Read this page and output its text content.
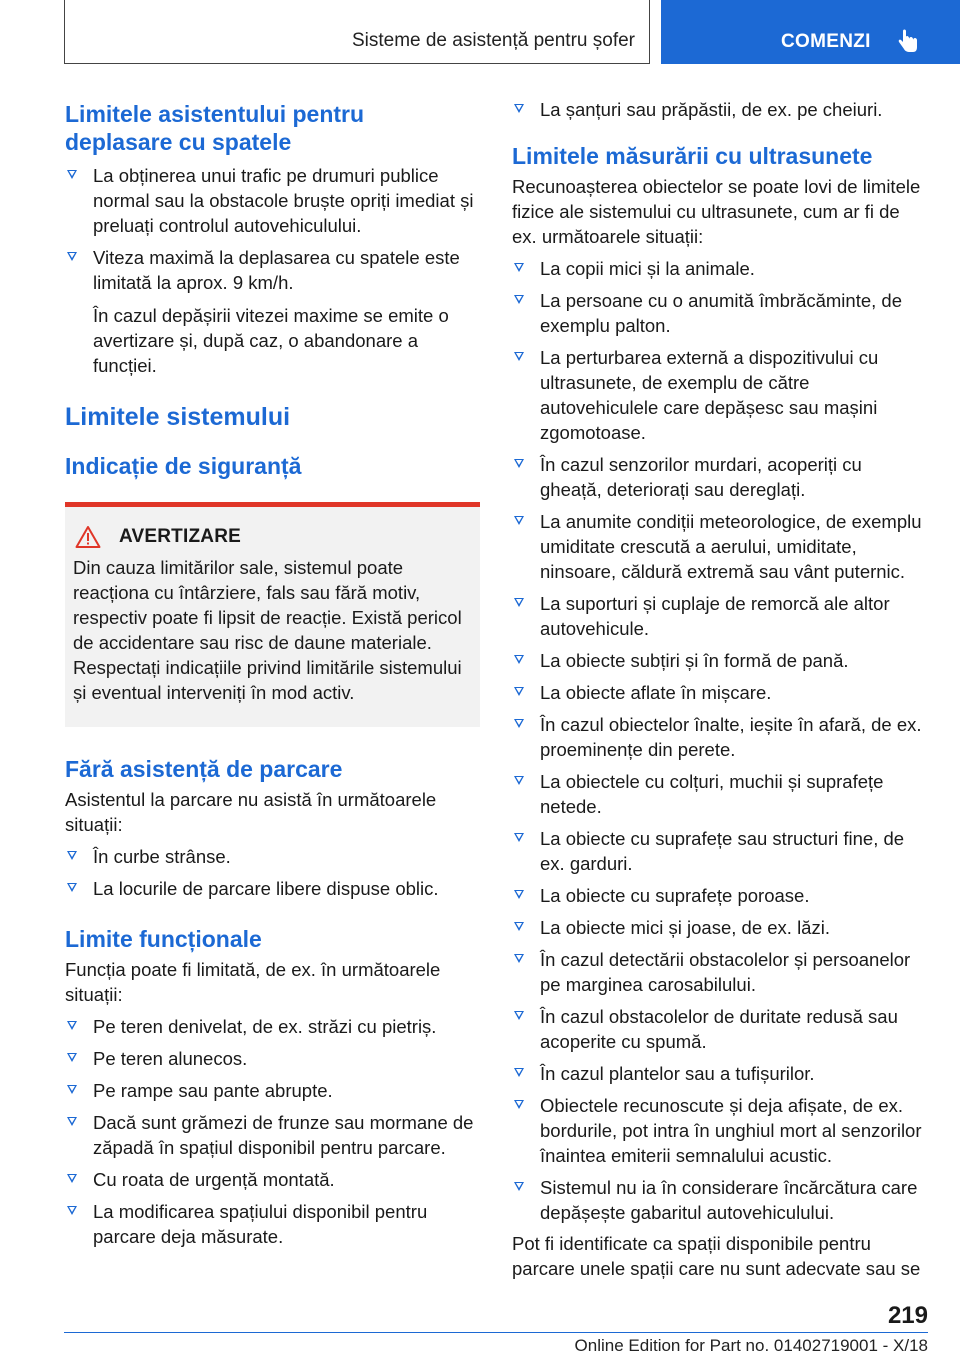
Sisteme de asistență pentru șofer	COMENZI
Limitele asistentului pentru deplasare cu spatele
La obținerea unui trafic pe drumuri publice normal sau la obstacole bruște opriți imediat și preluați controlul autovehiculului.
Viteza maximă la deplasarea cu spatele este limitată la aprox. 9 km/h.

În cazul depășirii vitezei maxime se emite o avertizare și, după caz, o abandonare a funcției.

Limitele sistemului
Indicație de siguranță
AVERTIZARE

Din cauza limitărilor sale, sistemul poate reacționa cu întârziere, fals sau fără motiv, respectiv poate fi lipsit de reacție. Există pericol de accidentare sau risc de daune materiale. Respectați indicațiile privind limitările sistemului și eventual interveniți în mod activ.

Fără asistență de parcare

Asistentul la parcare nu asistă în următoarele situații:

În curbe strânse.
La locurile de parcare libere dispuse oblic.
Limite funcționale

Funcția poate fi limitată, de ex. în următoarele situații:

Pe teren denivelat, de ex. străzi cu pietriș.
Pe teren alunecos.
Pe rampe sau pante abrupte.
Dacă sunt grămezi de frunze sau mormane de zăpadă în spațiul disponibil pentru parcare.
Cu roata de urgență montată.
La modificarea spațiului disponibil pentru parcare deja măsurate.
La șanțuri sau prăpăstii, de ex. pe cheiuri.
Limitele măsurării cu ultrasunete

Recunoașterea obiectelor se poate lovi de limitele fizice ale sistemului cu ultrasunete, cum ar fi de ex. următoarele situații:

La copii mici și la animale.
La persoane cu o anumită îmbrăcăminte, de exemplu palton.
La perturbarea externă a dispozitivului cu ultrasunete, de exemplu de către autovehiculele care depășesc sau mașini zgomotoase.
În cazul senzorilor murdari, acoperiți cu gheață, deteriorați sau dereglați.
La anumite condiții meteorologice, de exemplu umiditate crescută a aerului, umiditate, ninsoare, căldură extremă sau vânt puternic.
La suporturi și cuplaje de remorcă ale altor autovehicule.
La obiecte subțiri și în formă de pană.
La obiecte aflate în mișcare.
În cazul obiectelor înalte, ieșite în afară, de ex. proeminențe din perete.
La obiectele cu colțuri, muchii și suprafețe netede.
La obiecte cu suprafețe sau structuri fine, de ex. garduri.
La obiecte cu suprafețe poroase.
La obiecte mici și joase, de ex. lăzi.
În cazul detectării obstacolelor și persoanelor pe marginea carosabilului.
În cazul obstacolelor de duritate redusă sau acoperite cu spumă.
În cazul plantelor sau a tufișurilor.
Obiectele recunoscute și deja afișate, de ex. bordurile, pot intra în unghiul mort al senzorilor înaintea emiterii semnalului acustic.
Sistemul nu ia în considerare încărcătura care depășește gabaritul autovehiculului.

Pot fi identificate ca spații disponibile pentru parcare unele spații care nu sunt adecvate sau se

219
Online Edition for Part no. 01402719001 - X/18
